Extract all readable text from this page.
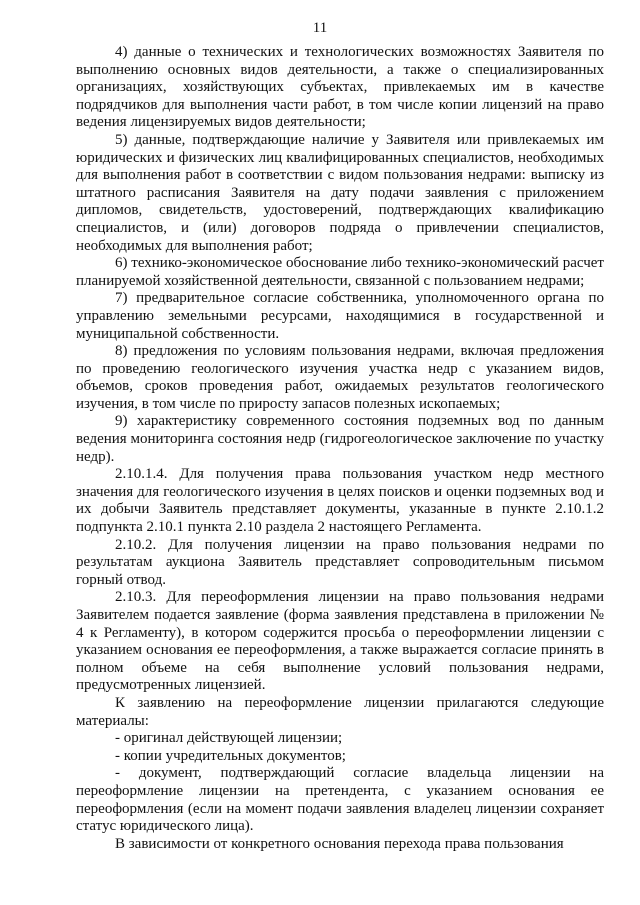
11

4) данные о технических и технологических возможностях Заявителя по выполнению основных видов деятельности, а также о специализированных организациях, хозяйствующих субъектах, привлекаемых им в качестве подрядчиков для выполнения части работ, в том числе копии лицензий на право ведения лицензируемых видов деятельности;

5) данные, подтверждающие наличие у Заявителя или привлекаемых им юридических и физических лиц квалифицированных специалистов, необходимых для выполнения работ в соответствии с видом пользования недрами: выписку из штатного расписания Заявителя на дату подачи заявления с приложением дипломов, свидетельств, удостоверений, подтверждающих квалификацию специалистов, и (или) договоров подряда о привлечении специалистов, необходимых для выполнения работ;

6) технико-экономическое обоснование либо технико-экономический расчет планируемой хозяйственной деятельности, связанной с пользованием недрами;

7) предварительное согласие собственника, уполномоченного органа по управлению земельными ресурсами, находящимися в государственной и муниципальной собственности.

8) предложения по условиям пользования недрами, включая предложения по проведению геологического изучения участка недр с указанием видов, объемов, сроков проведения работ, ожидаемых результатов геологического изучения, в том числе по приросту запасов полезных ископаемых;

9) характеристику современного состояния подземных вод по данным ведения мониторинга состояния недр (гидрогеологическое заключение по участку недр).

2.10.1.4. Для получения права пользования участком недр местного значения для геологического изучения в целях поисков и оценки подземных вод и их добычи Заявитель представляет документы, указанные в пункте 2.10.1.2 подпункта 2.10.1 пункта 2.10 раздела 2 настоящего Регламента.

2.10.2. Для получения лицензии на право пользования недрами по результатам аукциона Заявитель представляет сопроводительным письмом горный отвод.

2.10.3. Для переоформления лицензии на право пользования недрами Заявителем подается заявление (форма заявления представлена в приложении № 4 к Регламенту), в котором содержится просьба о переоформлении лицензии с указанием основания ее переоформления, а также выражается согласие принять в полном объеме на себя выполнение условий пользования недрами, предусмотренных лицензией.

К заявлению на переоформление лицензии прилагаются следующие материалы:

- оригинал действующей лицензии;

- копии учредительных документов;

- документ, подтверждающий согласие владельца лицензии на переоформление лицензии на претендента, с указанием основания ее переоформления (если на момент подачи заявления владелец лицензии сохраняет статус юридического лица).

В зависимости от конкретного основания перехода права пользования
